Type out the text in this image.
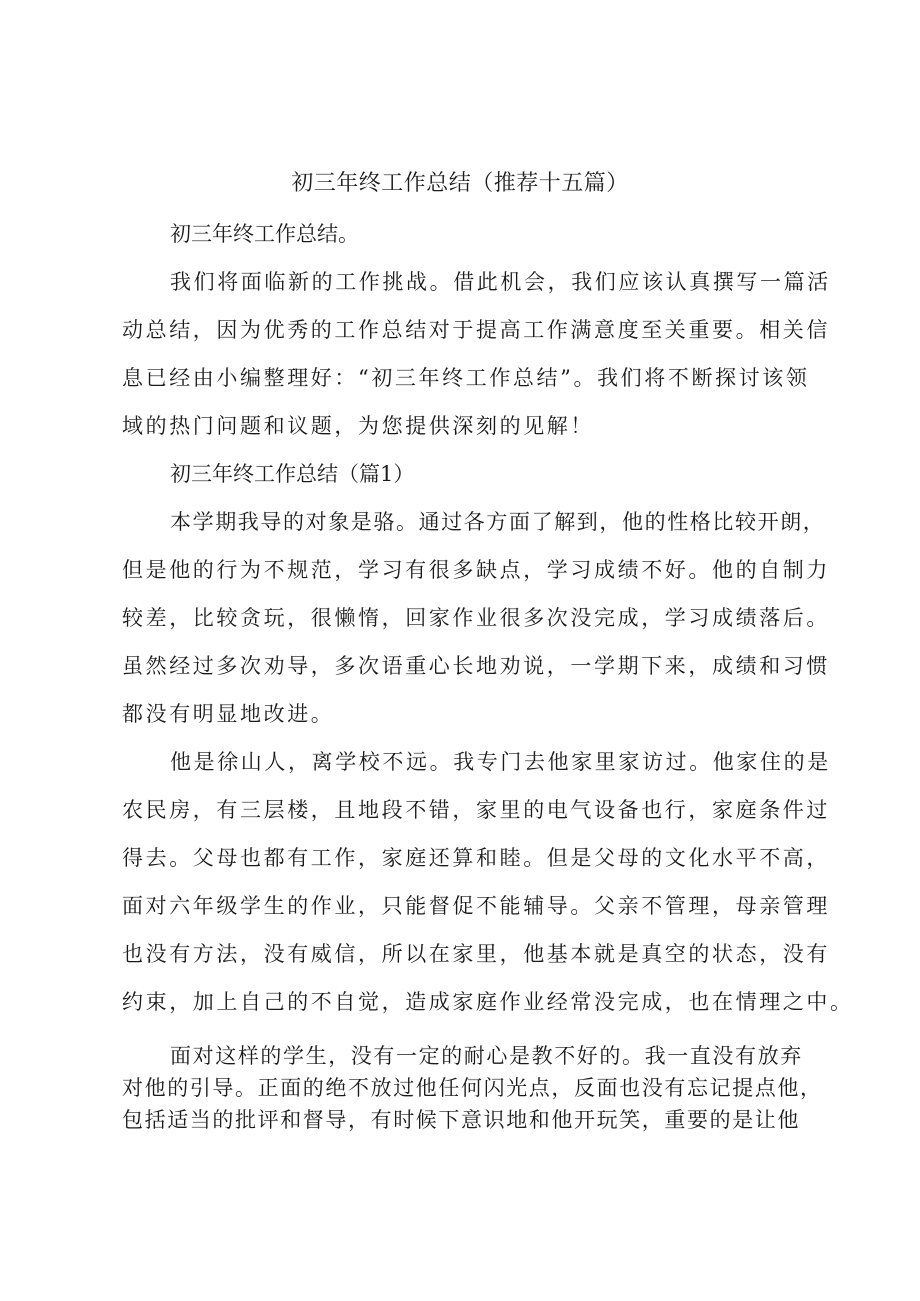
初三年终工作总结（推荐十五篇）

初三年终工作总结。

我们将面临新的工作挑战。借此机会，我们应该认真撰写一篇活

动总结，因为优秀的工作总结对于提高工作满意度至关重要。相关信

息已经由小编整理好：“初三年终工作总结”。我们将不断探讨该领

域的热门问题和议题，为您提供深刻的见解！

初三年终工作总结（篇1）

本学期我导的对象是骆。通过各方面了解到，他的性格比较开朗，

但是他的行为不规范，学习有很多缺点，学习成绩不好。他的自制力

较差，比较贪玩，很懒惰，回家作业很多次没完成，学习成绩落后。

虽然经过多次劝导，多次语重心长地劝说，一学期下来，成绩和习惯

都没有明显地改进。

他是徐山人，离学校不远。我专门去他家里家访过。他家住的是

农民房，有三层楼，且地段不错，家里的电气设备也行，家庭条件过

得去。父母也都有工作，家庭还算和睦。但是父母的文化水平不高，

面对六年级学生的作业，只能督促不能辅导。父亲不管理，母亲管理

也没有方法，没有威信，所以在家里，他基本就是真空的状态，没有

约束，加上自己的不自觉，造成家庭作业经常没完成，也在情理之中。

面对这样的学生，没有一定的耐心是教不好的。我一直没有放弃

对他的引导。正面的绝不放过他任何闪光点，反面也没有忘记提点他，

包括适当的批评和督导，有时候下意识地和他开玩笑，重要的是让他
